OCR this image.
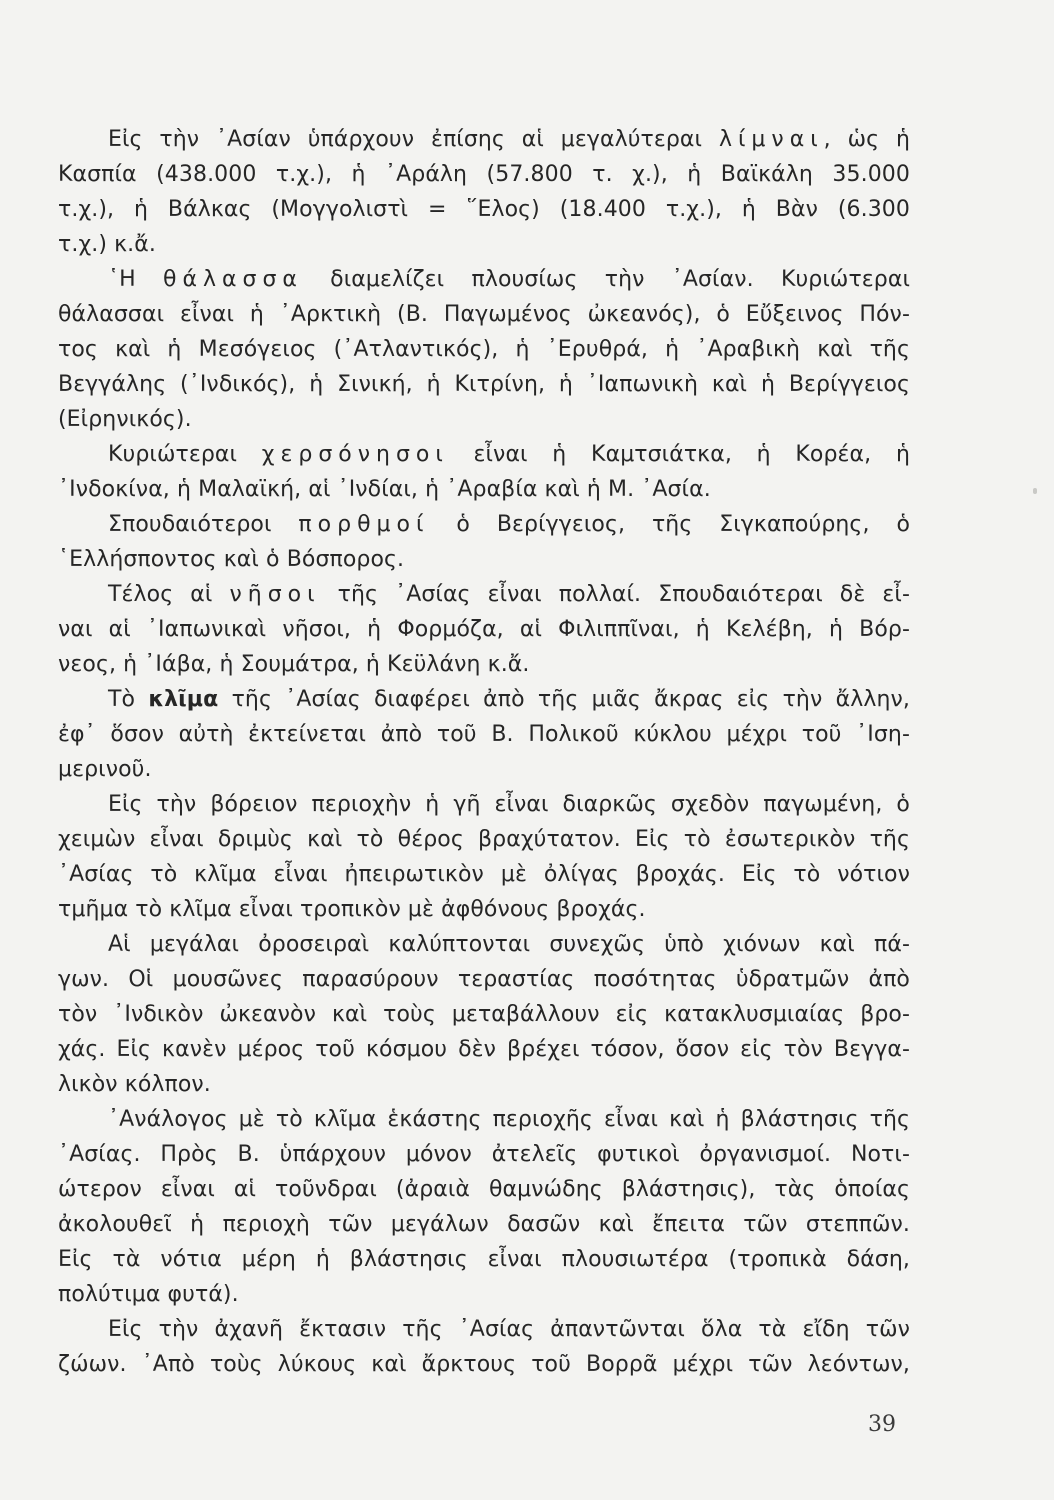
Εἰς τὴν ᾿Ασίαν ὑπάρχουν ἐπίσης αἱ μεγαλύτεραι λίμναι, ὡς ἡ
Κασπία (438.000 τ.χ.), ἡ ᾿Αράλη (57.800 τ. χ.), ἡ Βαϊκάλη 35.000
τ.χ.), ἡ Βάλκας (Μογγολιστὶ = ῞Ελος) (18.400 τ.χ.), ἡ Βὰν (6.300
τ.χ.) κ.ἄ.
῾Η θάλασσα διαμελίζει πλουσίως τὴν ᾿Ασίαν. Κυριώτεραι
θάλασσαι εἶναι ἡ ᾿Αρκτικὴ (Β. Παγωμένος ὠκεανός), ὁ Εὔξεινος Πόν-
τος καὶ ἡ Μεσόγειος (᾿Ατλαντικός), ἡ ᾿Ερυθρά, ἡ ᾿Αραβικὴ καὶ τῆς
Βεγγάλης (᾿Ινδικός), ἡ Σινική, ἡ Κιτρίνη, ἡ ᾿Ιαπωνικὴ καὶ ἡ Βερίγγειος
(Εἰρηνικός).
Κυριώτεραι χερσόνησοι εἶναι ἡ Καμτσιάτκα, ἡ Κορέα, ἡ
᾿Ινδοκίνα, ἡ Μαλαϊκή, αἱ ᾿Ινδίαι, ἡ ᾿Αραβία καὶ ἡ Μ. ᾿Ασία.
Σπουδαιότεροι πορθμοί ὁ Βερίγγειος, τῆς Σιγκαπούρης, ὁ
῾Ελλήσποντος καὶ ὁ Βόσπορος.
Τέλος αἱ νῆσοι τῆς ᾿Ασίας εἶναι πολλαί. Σπουδαιότεραι δὲ εἶ-
ναι αἱ ᾿Ιαπωνικαὶ νῆσοι, ἡ Φορμόζα, αἱ Φιλιππῖναι, ἡ Κελέβη, ἡ Βόρ-
νεος, ἡ ᾿Ιάβα, ἡ Σουμάτρα, ἡ Κεϋλάνη κ.ἄ.
Τὸ κλῖμα τῆς ᾿Ασίας διαφέρει ἀπὸ τῆς μιᾶς ἄκρας εἰς τὴν ἄλλην,
ἐφ᾿ ὅσον αὐτὴ ἐκτείνεται ἀπὸ τοῦ Β. Πολικοῦ κύκλου μέχρι τοῦ ᾿Ιση-
μερινοῦ.
Εἰς τὴν βόρειον περιοχὴν ἡ γῆ εἶναι διαρκῶς σχεδὸν παγωμένη, ὁ
χειμὼν εἶναι δριμὺς καὶ τὸ θέρος βραχύτατον. Εἰς τὸ ἐσωτερικὸν τῆς
᾿Ασίας τὸ κλῖμα εἶναι ἠπειρωτικὸν μὲ ὀλίγας βροχάς. Εἰς τὸ νότιον
τμῆμα τὸ κλῖμα εἶναι τροπικὸν μὲ ἀφθόνους βροχάς.
Αἱ μεγάλαι ὀροσειραὶ καλύπτονται συνεχῶς ὑπὸ χιόνων καὶ πά-
γων. Οἱ μουσῶνες παρασύρουν τεραστίας ποσότητας ὑδρατμῶν ἀπὸ
τὸν ᾿Ινδικὸν ὠκεανὸν καὶ τοὺς μεταβάλλουν εἰς κατακλυσμιαίας βρο-
χάς. Εἰς κανὲν μέρος τοῦ κόσμου δὲν βρέχει τόσον, ὅσον εἰς τὸν Βεγγα-
λικὸν κόλπον.
᾿Ανάλογος μὲ τὸ κλῖμα ἑκάστης περιοχῆς εἶναι καὶ ἡ βλάστησις τῆς
᾿Ασίας. Πρὸς Β. ὑπάρχουν μόνον ἀτελεῖς φυτικοὶ ὀργανισμοί. Νοτι-
ώτερον εἶναι αἱ τοῦνδραι (ἀραιὰ θαμνώδης βλάστησις), τὰς ὁποίας
ἀκολουθεῖ ἡ περιοχὴ τῶν μεγάλων δασῶν καὶ ἔπειτα τῶν στεππῶν.
Εἰς τὰ νότια μέρη ἡ βλάστησις εἶναι πλουσιωτέρα (τροπικὰ δάση,
πολύτιμα φυτά).
Εἰς τὴν ἀχανῆ ἔκτασιν τῆς ᾿Ασίας ἀπαντῶνται ὅλα τὰ εἴδη τῶν
ζώων. ᾿Απὸ τοὺς λύκους καὶ ἄρκτους τοῦ Βορρᾶ μέχρι τῶν λεόντων,
39
